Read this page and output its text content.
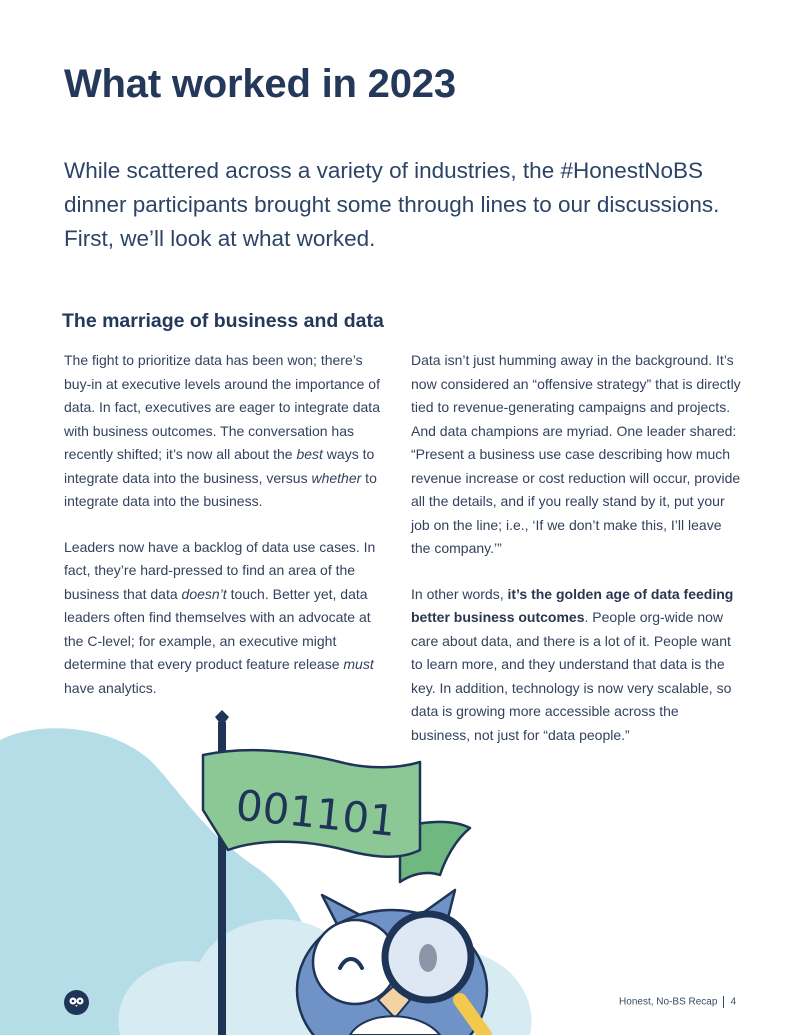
What worked in 2023

While scattered across a variety of industries, the #HonestNoBS dinner participants brought some through lines to our discussions. First, we’ll look at what worked.

The marriage of business and data

The fight to prioritize data has been won; there’s buy-in at executive levels around the importance of data. In fact, executives are eager to integrate data with business outcomes. The conversation has recently shifted; it’s now all about the best ways to integrate data into the business, versus whether to integrate data into the business.

Leaders now have a backlog of data use cases. In fact, they’re hard-pressed to find an area of the business that data doesn’t touch. Better yet, data leaders often find themselves with an advocate at the C-level; for example, an executive might determine that every product feature release must have analytics.

Data isn’t just humming away in the background. It’s now considered an “offensive strategy” that is directly tied to revenue-generating campaigns and projects. And data champions are myriad. One leader shared: “Present a business use case describing how much revenue increase or cost reduction will occur, provide all the details, and if you really stand by it, put your job on the line; i.e., ‘If we don’t make this, I’ll leave the company.’”

In other words, it’s the golden age of data feeding better business outcomes. People org-wide now care about data, and there is a lot of it. People want to learn more, and they understand that data is the key. In addition, technology is now very scalable, so data is growing more accessible across the business, not just for “data people.”

001101
Honest, No-BS Recap 4
